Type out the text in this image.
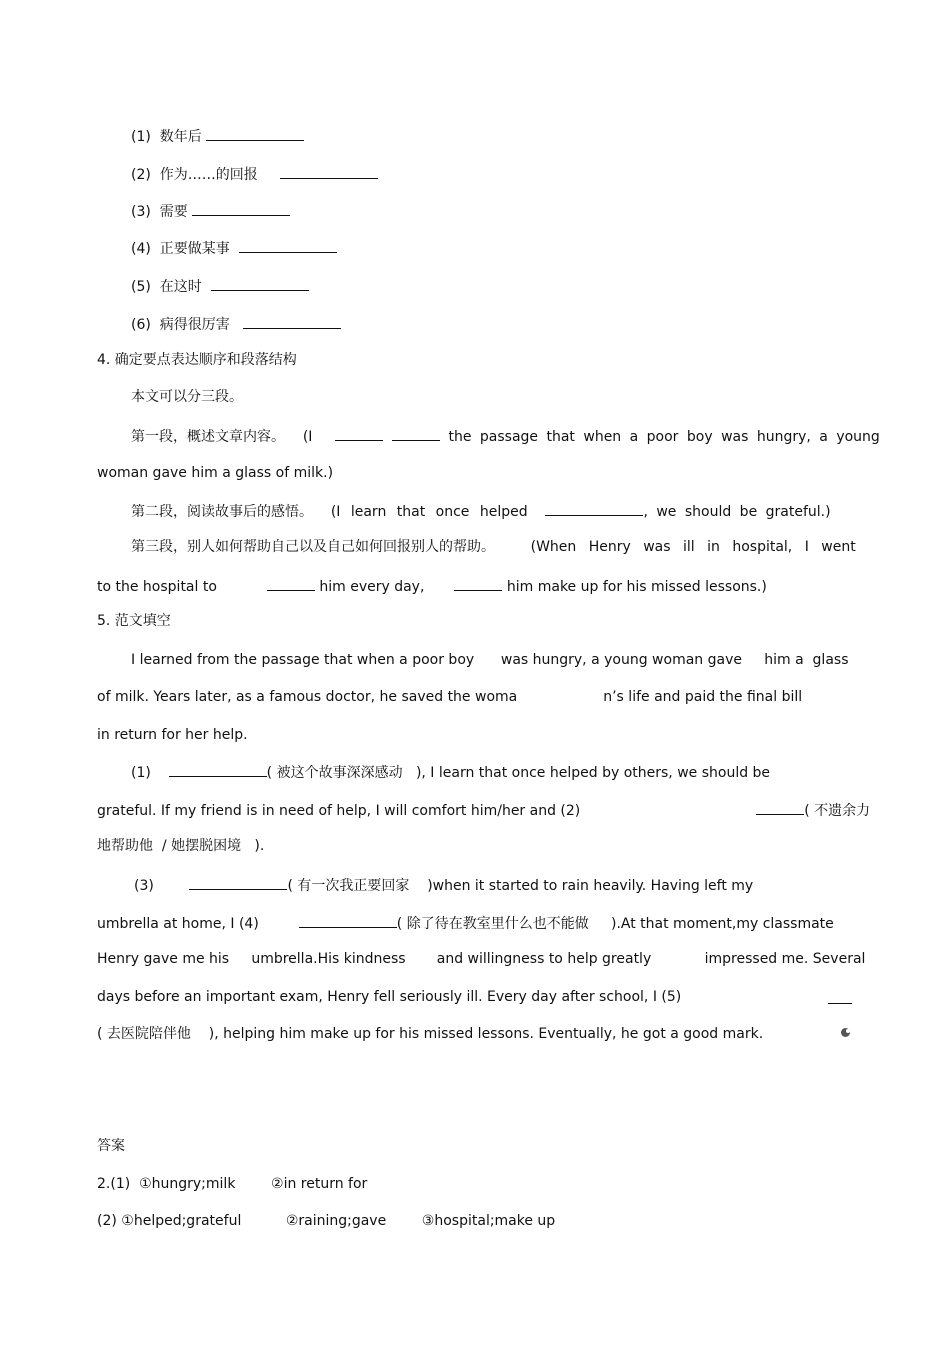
(1) 数年后
(2) 作为……的回报
(3) 需要
(4) 正要做某事
(5) 在这时
(6) 病得很厉害
4. 确定要点表达顺序和段落结构
本文可以分三段。
第一段，概述文章内容。 (I	the passage that when a poor boy was hungry, a young
woman gave him a glass of milk.)
第二段，阅读故事后的感悟。 (I learn that once helped	, we should be grateful.)
第三段，别人如何帮助自己以及自己如何回报别人的帮助。	(When Henry was ill in hospital, I went
to the hospital to	him every day,	him make up for his missed lessons.)
5. 范文填空
I learned from the passage that when a poor boy      was hungry, a young woman gave     him a  glass
of milk. Years later, as a famous doctor, he saved the woma	n’s life and paid the final bill
in return for her help.
(1)	( 被这个故事深深感动 ), I learn that once helped by others, we should be
grateful. If my friend is in need of help, I will comfort him/her and (2)	( 不遗余力
地帮助他  / 她摆脱困境   ).
(3)	( 有一次我正要回家 )when it started to rain heavily. Having left my
umbrella at home, I (4)	( 除了待在教室里什么也不能做 ).At that moment,my classmate
Henry gave me his     umbrella.His kindness       and willingness to help greatly            impressed me. Several
days before an important exam, Henry fell seriously ill. Every day after school, I (5)
( 去医院陪伴他 ), helping him make up for his missed lessons. Eventually, he got a good mark.
答案
2.(1)  ①hungry;milk        ②in return for
(2) ①helped;grateful          ②raining;gave        ③hospital;make up
